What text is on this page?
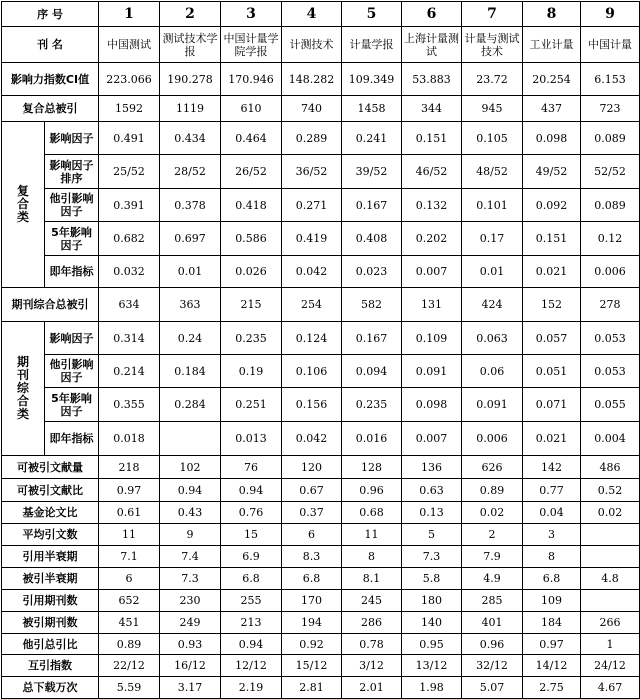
序 号		1	2	3	4	5	6	7	8	9
刊 名		中国测试	测试技术学报	中国计量学院学报	计测技术	计量学报	上海计量测试	计量与测试技术	工业计量	中国计量
影响力指数CI值		223.066	190.278	170.946	148.282	109.349	53.883	23.72	20.254	6.153
复合总被引		1592	1119	610	740	1458	344	945	437	723

复合类	影响因子	0.491	0.434	0.464	0.289	0.241	0.151	0.105	0.098	0.089
	影响因子排序	25/52	28/52	26/52	36/52	39/52	46/52	48/52	49/52	52/52
	他引影响因子	0.391	0.378	0.418	0.271	0.167	0.132	0.101	0.092	0.089
	5年影响因子	0.682	0.697	0.586	0.419	0.408	0.202	0.17	0.151	0.12
	即年指标	0.032	0.01	0.026	0.042	0.023	0.007	0.01	0.021	0.006
期刊综合总被引		634	363	215	254	582	131	424	152	278

期刊综合类	影响因子	0.314	0.24	0.235	0.124	0.167	0.109	0.063	0.057	0.053
	他引影响因子	0.214	0.184	0.19	0.106	0.094	0.091	0.06	0.051	0.053
	5年影响因子	0.355	0.284	0.251	0.156	0.235	0.098	0.091	0.071	0.055
	即年指标	0.018		0.013	0.042	0.016	0.007	0.006	0.021	0.004
可被引文献量		218	102	76	120	128	136	626	142	486
可被引文献比		0.97	0.94	0.94	0.67	0.96	0.63	0.89	0.77	0.52
基金论文比		0.61	0.43	0.76	0.37	0.68	0.13	0.02	0.04	0.02
平均引文数		11	9	15	6	11	5	2	3	
引用半衰期		7.1	7.4	6.9	8.3	8	7.3	7.9	8	
被引半衰期		6	7.3	6.8	6.8	8.1	5.8	4.9	6.8	4.8
引用期刊数		652	230	255	170	245	180	285	109	
被引期刊数		451	249	213	194	286	140	401	184	266
他引总引比		0.89	0.93	0.94	0.92	0.78	0.95	0.96	0.97	1
互引指数		22/12	16/12	12/12	15/12	3/12	13/12	32/12	14/12	24/12
总下载万次		5.59	3.17	2.19	2.81	2.01	1.98	5.07	2.75	4.67
